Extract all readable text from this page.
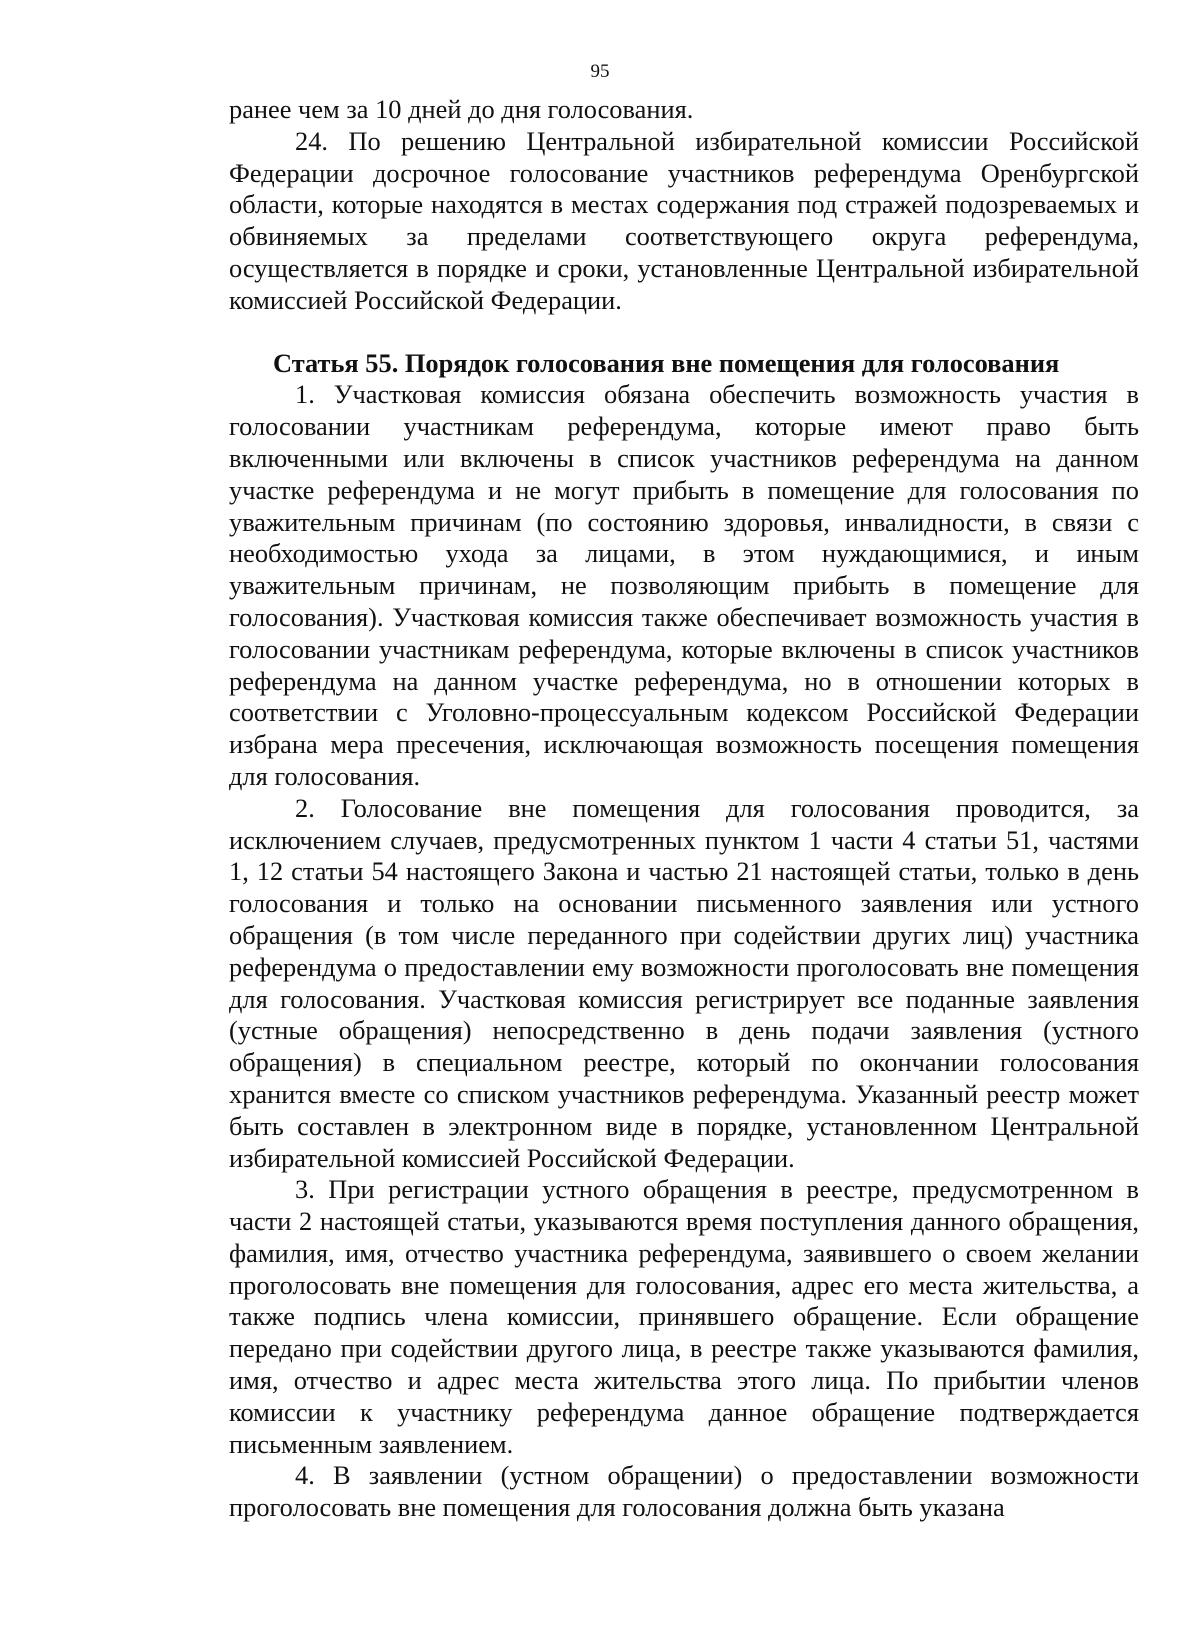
95

ранее чем за 10 дней до дня голосования.

24. По решению Центральной избирательной комиссии Российской Федерации досрочное голосование участников референдума Оренбургской области, которые находятся в местах содержания под стражей подозреваемых и обвиняемых за пределами соответствующего округа референдума, осуществляется в порядке и сроки, установленные Центральной избирательной комиссией Российской Федерации.

Статья 55. Порядок голосования вне помещения для голосования

1. Участковая комиссия обязана обеспечить возможность участия в голосовании участникам референдума, которые имеют право быть включенными или включены в список участников референдума на данном участке референдума и не могут прибыть в помещение для голосования по уважительным причинам (по состоянию здоровья, инвалидности, в связи с необходимостью ухода за лицами, в этом нуждающимися, и иным уважительным причинам, не позволяющим прибыть в помещение для голосования). Участковая комиссия также обеспечивает возможность участия в голосовании участникам референдума, которые включены в список участников референдума на данном участке референдума, но в отношении которых в соответствии с Уголовно-процессуальным кодексом Российской Федерации избрана мера пресечения, исключающая возможность посещения помещения для голосования.

2. Голосование вне помещения для голосования проводится, за исключением случаев, предусмотренных пунктом 1 части 4 статьи 51, частями 1, 12 статьи 54 настоящего Закона и частью 21 настоящей статьи, только в день голосования и только на основании письменного заявления или устного обращения (в том числе переданного при содействии других лиц) участника референдума о предоставлении ему возможности проголосовать вне помещения для голосования. Участковая комиссия регистрирует все поданные заявления (устные обращения) непосредственно в день подачи заявления (устного обращения) в специальном реестре, который по окончании голосования хранится вместе со списком участников референдума. Указанный реестр может быть составлен в электронном виде в порядке, установленном Центральной избирательной комиссией Российской Федерации.

3. При регистрации устного обращения в реестре, предусмотренном в части 2 настоящей статьи, указываются время поступления данного обращения, фамилия, имя, отчество участника референдума, заявившего о своем желании проголосовать вне помещения для голосования, адрес его места жительства, а также подпись члена комиссии, принявшего обращение. Если обращение передано при содействии другого лица, в реестре также указываются фамилия, имя, отчество и адрес места жительства этого лица. По прибытии членов комиссии к участнику референдума данное обращение подтверждается письменным заявлением.

4. В заявлении (устном обращении) о предоставлении возможности проголосовать вне помещения для голосования должна быть указана
